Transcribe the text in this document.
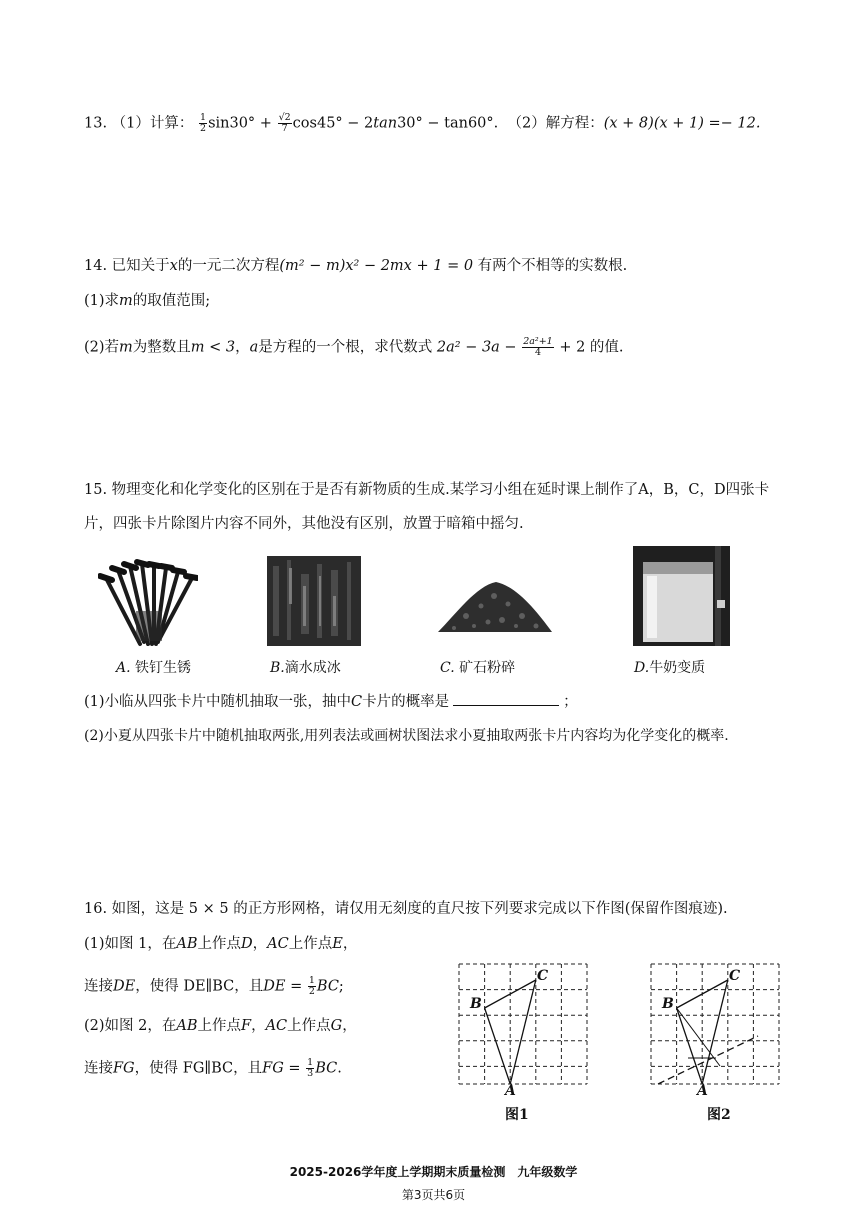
13. （1）计算： $\frac{1}{2} \sin 30^\circ + \frac{√2}{7} \cos 45^\circ - 2\tan 30^\circ - \tan 60^\circ$. （2）解方程：(x + 8)(x + 1) =− 12.
14. 已知关于x的一元二次方程(m² − m)x² − 2mx + 1 = 0 有两个不相等的实数根.
(1)求m的取值范围;
(2)若m为整数且m < 3，a是方程的一个根，求代数式 $2a^2 - 3a - \frac{\text{2a²+1}}{4} + 2$ 的值.
15. 物理变化和化学变化的区别在于是否有新物质的生成.某学习小组在延时课上制作了A，B，C，D四张卡
片，四张卡片除图片内容不同外，其他没有区别，放置于暗箱中摇匀.
A. 铁钉生锈	B.滴水成冰	C. 矿石粉碎	D.牛奶变质
(1)小临从四张卡片中随机抽取一张，抽中C卡片的概率是	；
(2)小夏从四张卡片中随机抽取两张,用列表法或画树状图法求小夏抽取两张卡片内容均为化学变化的概率.
16. 如图，这是 5 × 5 的正方形网格，请仅用无刻度的直尺按下列要求完成以下作图(保留作图痕迹).
(1)如图 1，在AB上作点D，AC上作点E，
连接DE，使得 DE∥BC，且DE = $\frac{1}{2}$ BC;
(2)如图 2，在AB上作点F，AC上作点G，
连接FG，使得 FG∥BC，且FG = $\frac{1}{3}$ BC.
B
C
A
图1
B
C
A
图2
2025-2026学年度上学期期末质量检测　九年级数学
第3页共6页
